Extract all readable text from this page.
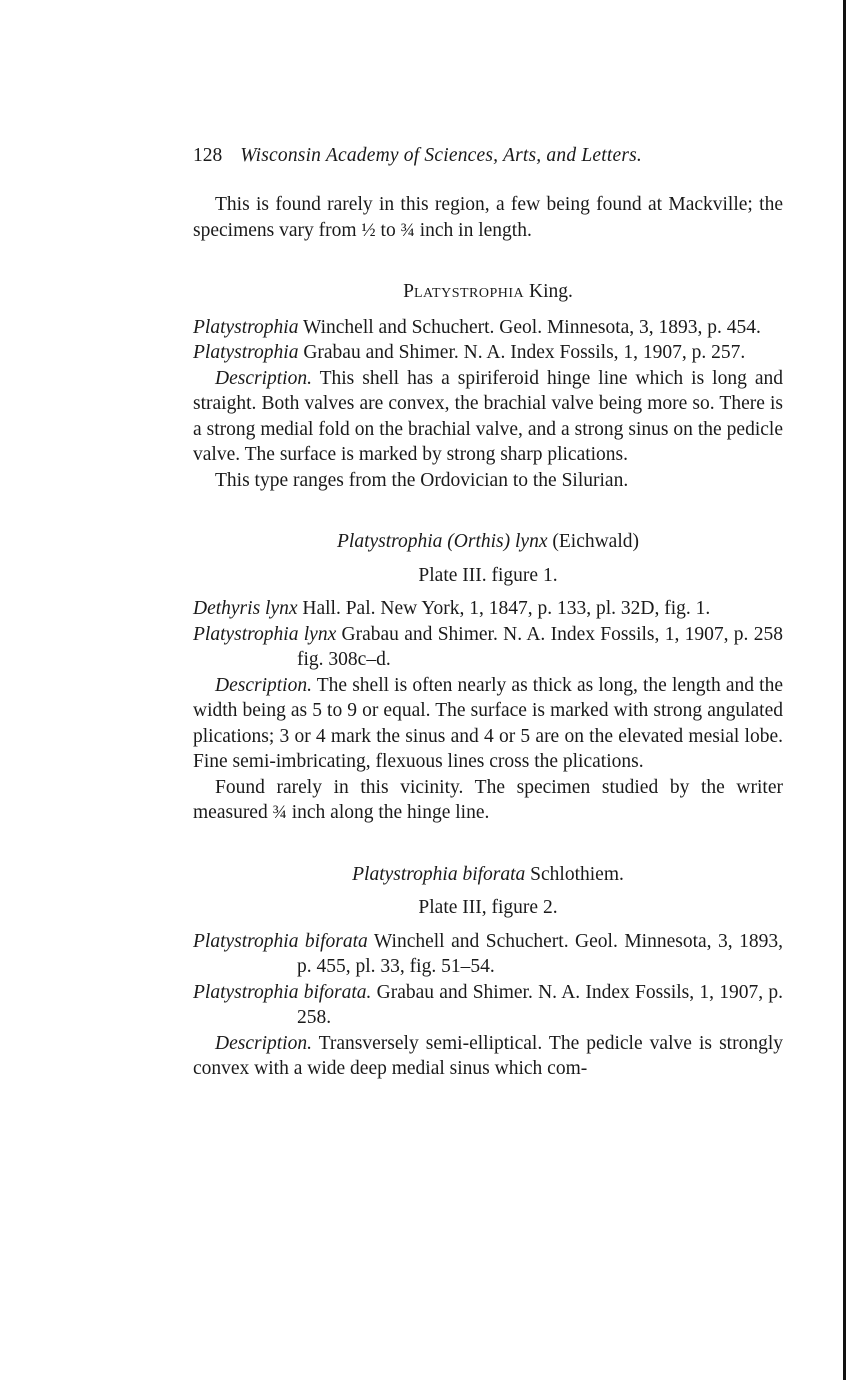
128 Wisconsin Academy of Sciences, Arts, and Letters.

This is found rarely in this region, a few being found at Mackville; the specimens vary from ½ to ¾ inch in length.

PLATYSTROPHIA King.

Platystrophia Winchell and Schuchert. Geol. Minnesota, 3, 1893, p. 454.

Platystrophia Grabau and Shimer. N. A. Index Fossils, 1, 1907, p. 257.

Description. This shell has a spiriferoid hinge line which is long and straight. Both valves are convex, the brachial valve being more so. There is a strong medial fold on the brachial valve, and a strong sinus on the pedicle valve. The surface is marked by strong sharp plications.

This type ranges from the Ordovician to the Silurian.

Platystrophia (Orthis) lynx (Eichwald)

Plate III. figure 1.

Dethyris lynx Hall. Pal. New York, 1, 1847, p. 133, pl. 32D, fig. 1.

Platystrophia lynx Grabau and Shimer. N. A. Index Fossils, 1, 1907, p. 258 fig. 308c–d.

Description. The shell is often nearly as thick as long, the length and the width being as 5 to 9 or equal. The surface is marked with strong angulated plications; 3 or 4 mark the sinus and 4 or 5 are on the elevated mesial lobe. Fine semi-imbricating, flexuous lines cross the plications.

Found rarely in this vicinity. The specimen studied by the writer measured ¾ inch along the hinge line.

Platystrophia biforata Schlothiem.

Plate III, figure 2.

Platystrophia biforata Winchell and Schuchert. Geol. Minnesota, 3, 1893, p. 455, pl. 33, fig. 51–54.

Platystrophia biforata. Grabau and Shimer. N. A. Index Fossils, 1, 1907, p. 258.

Description. Transversely semi-elliptical. The pedicle valve is strongly convex with a wide deep medial sinus which com-
